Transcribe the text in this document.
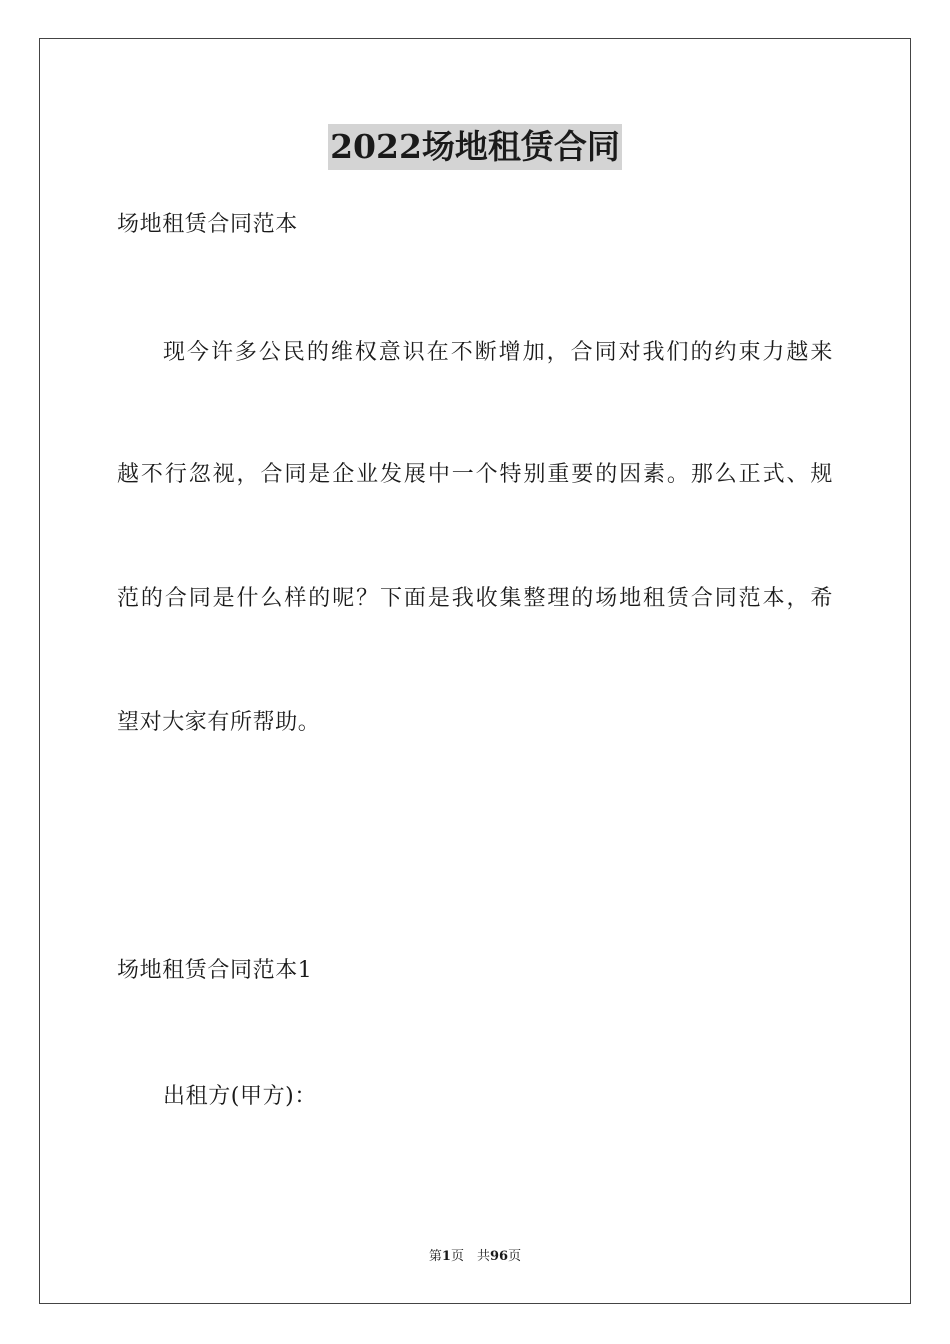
2022场地租赁合同
场地租赁合同范本
现今许多公民的维权意识在不断增加，合同对我们的约束力越来
越不行忽视，合同是企业发展中一个特别重要的因素。那么正式、规
范的合同是什么样的呢？下面是我收集整理的场地租赁合同范本，希
望对大家有所帮助。
场地租赁合同范本1
出租方(甲方)：
第1页　共96页
